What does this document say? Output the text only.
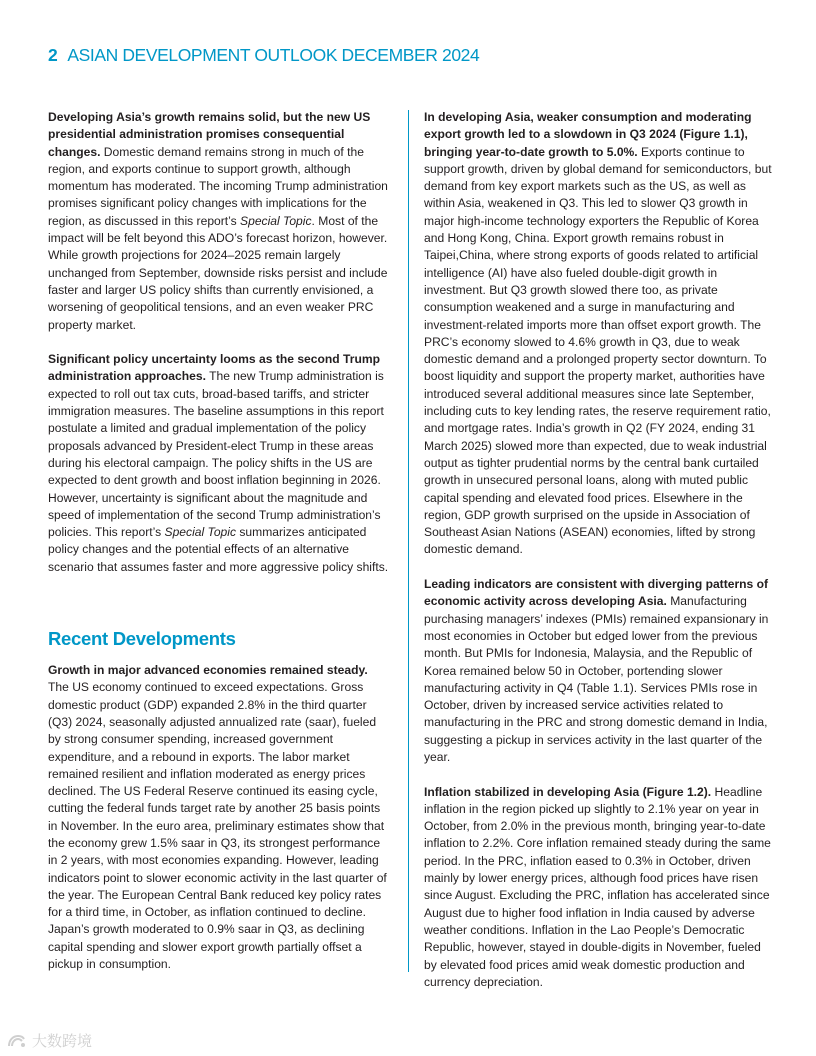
2 ASIAN DEVELOPMENT OUTLOOK DECEMBER 2024

Developing Asia’s growth remains solid, but the new US presidential administration promises consequential changes. Domestic demand remains strong in much of the region, and exports continue to support growth, although momentum has moderated. The incoming Trump administration promises significant policy changes with implications for the region, as discussed in this report’s Special Topic. Most of the impact will be felt beyond this ADO’s forecast horizon, however. While growth projections for 2024–2025 remain largely unchanged from September, downside risks persist and include faster and larger US policy shifts than currently envisioned, a worsening of geopolitical tensions, and an even weaker PRC property market.

Significant policy uncertainty looms as the second Trump administration approaches. The new Trump administration is expected to roll out tax cuts, broad-based tariffs, and stricter immigration measures. The baseline assumptions in this report postulate a limited and gradual implementation of the policy proposals advanced by President-elect Trump in these areas during his electoral campaign. The policy shifts in the US are expected to dent growth and boost inflation beginning in 2026. However, uncertainty is significant about the magnitude and speed of implementation of the second Trump administration’s policies. This report’s Special Topic summarizes anticipated policy changes and the potential effects of an alternative scenario that assumes faster and more aggressive policy shifts.

Recent Developments

Growth in major advanced economies remained steady.

The US economy continued to exceed expectations. Gross domestic product (GDP) expanded 2.8% in the third quarter (Q3) 2024, seasonally adjusted annualized rate (saar), fueled by strong consumer spending, increased government expenditure, and a rebound in exports. The labor market remained resilient and inflation moderated as energy prices declined. The US Federal Reserve continued its easing cycle, cutting the federal funds target rate by another 25 basis points in November. In the euro area, preliminary estimates show that the economy grew 1.5% saar in Q3, its strongest performance in 2 years, with most economies expanding. However, leading indicators point to slower economic activity in the last quarter of the year. The European Central Bank reduced key policy rates for a third time, in October, as inflation continued to decline. Japan’s growth moderated to 0.9% saar in Q3, as declining capital spending and slower export growth partially offset a pickup in consumption.

In developing Asia, weaker consumption and moderating export growth led to a slowdown in Q3 2024 (Figure 1.1), bringing year-to-date growth to 5.0%. Exports continue to support growth, driven by global demand for semiconductors, but demand from key export markets such as the US, as well as within Asia, weakened in Q3. This led to slower Q3 growth in major high-income technology exporters the Republic of Korea and Hong Kong, China. Export growth remains robust in Taipei,China, where strong exports of goods related to artificial intelligence (AI) have also fueled double-digit growth in investment. But Q3 growth slowed there too, as private consumption weakened and a surge in manufacturing and investment-related imports more than offset export growth. The PRC’s economy slowed to 4.6% growth in Q3, due to weak domestic demand and a prolonged property sector downturn. To boost liquidity and support the property market, authorities have introduced several additional measures since late September, including cuts to key lending rates, the reserve requirement ratio, and mortgage rates. India’s growth in Q2 (FY 2024, ending 31 March 2025) slowed more than expected, due to weak industrial output as tighter prudential norms by the central bank curtailed growth in unsecured personal loans, along with muted public capital spending and elevated food prices. Elsewhere in the region, GDP growth surprised on the upside in Association of Southeast Asian Nations (ASEAN) economies, lifted by strong domestic demand.

Leading indicators are consistent with diverging patterns of economic activity across developing Asia. Manufacturing purchasing managers’ indexes (PMIs) remained expansionary in most economies in October but edged lower from the previous month. But PMIs for Indonesia, Malaysia, and the Republic of Korea remained below 50 in October, portending slower manufacturing activity in Q4 (Table 1.1). Services PMIs rose in October, driven by increased service activities related to manufacturing in the PRC and strong domestic demand in India, suggesting a pickup in services activity in the last quarter of the year.

Inflation stabilized in developing Asia (Figure 1.2). Headline inflation in the region picked up slightly to 2.1% year on year in October, from 2.0% in the previous month, bringing year-to-date inflation to 2.2%. Core inflation remained steady during the same period. In the PRC, inflation eased to 0.3% in October, driven mainly by lower energy prices, although food prices have risen since August. Excluding the PRC, inflation has accelerated since August due to higher food inflation in India caused by adverse weather conditions. Inflation in the Lao People’s Democratic Republic, however, stayed in double-digits in November, fueled by elevated food prices amid weak domestic production and currency depreciation.

大数跨境
